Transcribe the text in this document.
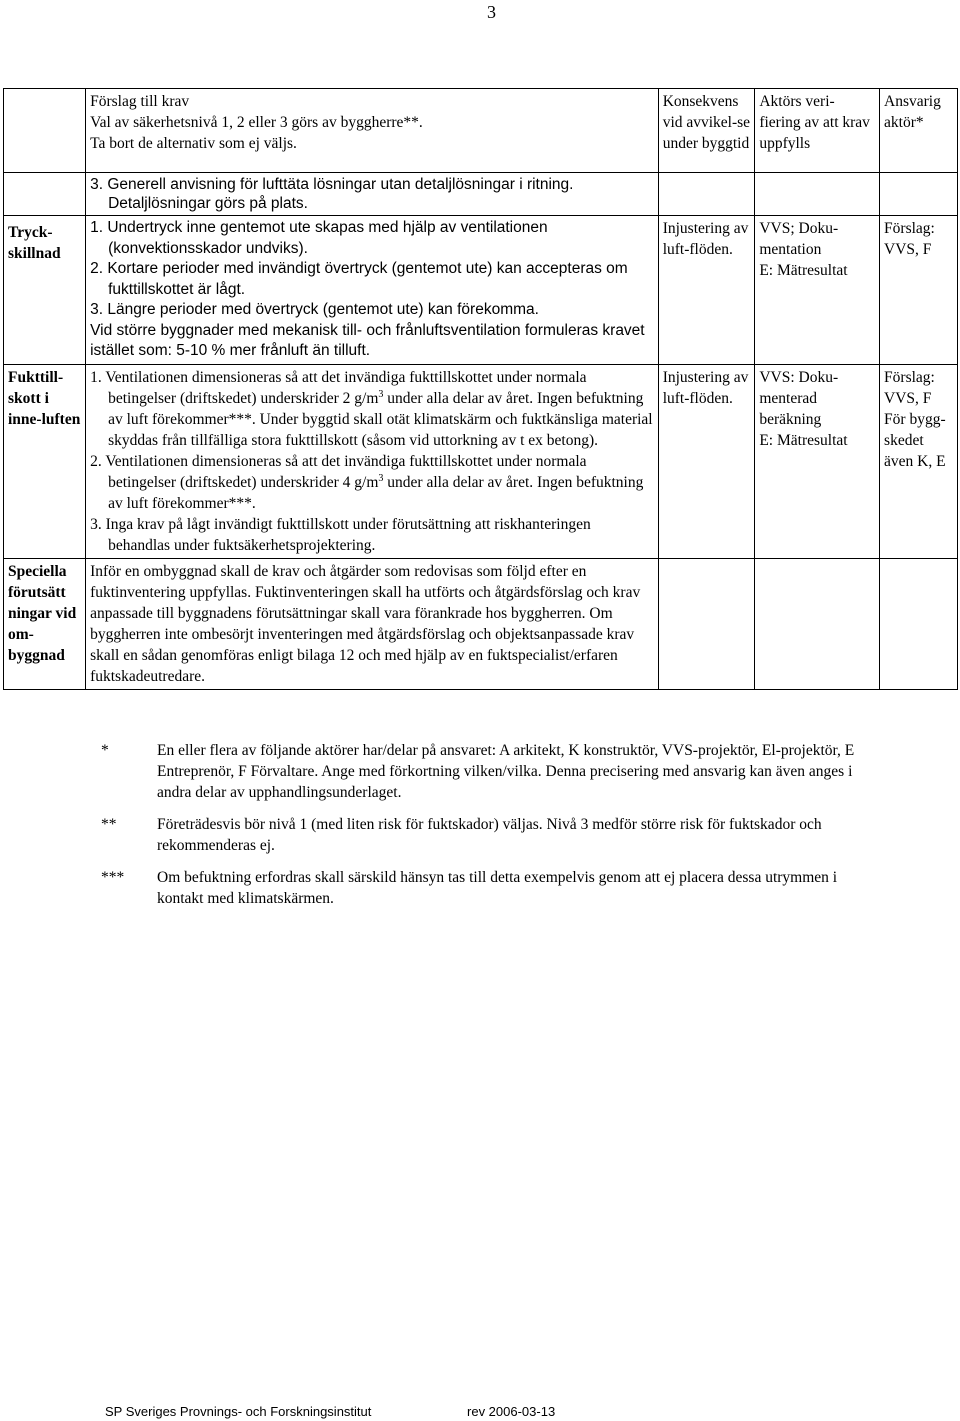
3

	Förslag till krav
Val av säkerhetsnivå 1, 2 eller 3 görs av byggherre**.
Ta bort de alternativ som ej väljs.	Konsekvens vid avvikel-se under byggtid	Aktörs veri-fiering av att krav uppfylls	Ansvarig aktör*

	3. Generell anvisning för lufttäta lösningar utan detaljlösningar i ritning.
Detaljlösningar görs på plats.			

Tryck-skillnad	1. Undertryck inne gentemot ute skapas med hjälp av ventilationen (konvektionsskador undviks).
2. Kortare perioder med invändigt övertryck (gentemot ute) kan accepteras om fukttillskottet är lågt.
3. Längre perioder med övertryck (gentemot ute) kan förekomma.
Vid större byggnader med mekanisk till- och frånluftsventilation formuleras kravet istället som: 5-10 % mer frånluft än tilluft.	Injustering av luft-flöden.	VVS; Doku-mentation
E: Mätresultat	Förslag: VVS, F
Fukttill-skott i inne-luften	1. Ventilationen dimensioneras så att det invändiga fukttillskottet under normala betingelser (driftskedet) underskrider 2 $g/m^3$ under alla delar av året. Ingen befuktning av luft förekommer***. Under byggtid skall otät klimatskärm och fuktkänsliga material skyddas från tillfälliga stora fukttillskott (såsom vid uttorkning av t ex betong).
2. Ventilationen dimensioneras så att det invändiga fukttillskottet under normala betingelser (driftskedet) underskrider 4 $g/m^3$ under alla delar av året. Ingen befuktning av luft förekommer***.
3. Inga krav på lågt invändigt fukttillskott under förutsättning att riskhanteringen behandlas under fuktsäkerhetsprojektering.	Injustering av luft-flöden.	VVS: Doku-menterad beräkning
E: Mätresultat	Förslag: VVS, F För bygg-skedet även K, E
Speciella förutsätt ningar vid om-byggnad	Inför en ombyggnad skall de krav och åtgärder som redovisas som följd efter en fuktinventering uppfyllas. Fuktinventeringen skall ha utförts och åtgärdsförslag och krav anpassade till byggnadens förutsättningar skall vara förankrade hos byggherren. Om byggherren inte ombesörjt inventeringen med åtgärdsförslag och objektsanpassade krav skall en sådan genomföras enligt bilaga 12 och med hjälp av en fuktspecialist/erfaren fuktskadeutredare.			
*	En eller flera av följande aktörer har/delar på ansvaret: A arkitekt, K konstruktör, VVS-projektör, El-projektör, E Entreprenör, F Förvaltare. Ange med förkortning vilken/vilka. Denna precisering med ansvarig kan även anges i andra delar av upphandlingsunderlaget.
**	Företrädesvis bör nivå 1 (med liten risk för fuktskador) väljas. Nivå 3 medför större risk för fuktskador och rekommenderas ej.
***	Om befuktning erfordras skall särskild hänsyn tas till detta exempelvis genom att ej placera dessa utrymmen i kontakt med klimatskärmen.
SP Sveriges Provnings- och Forskningsinstitut	rev 2006-03-13
